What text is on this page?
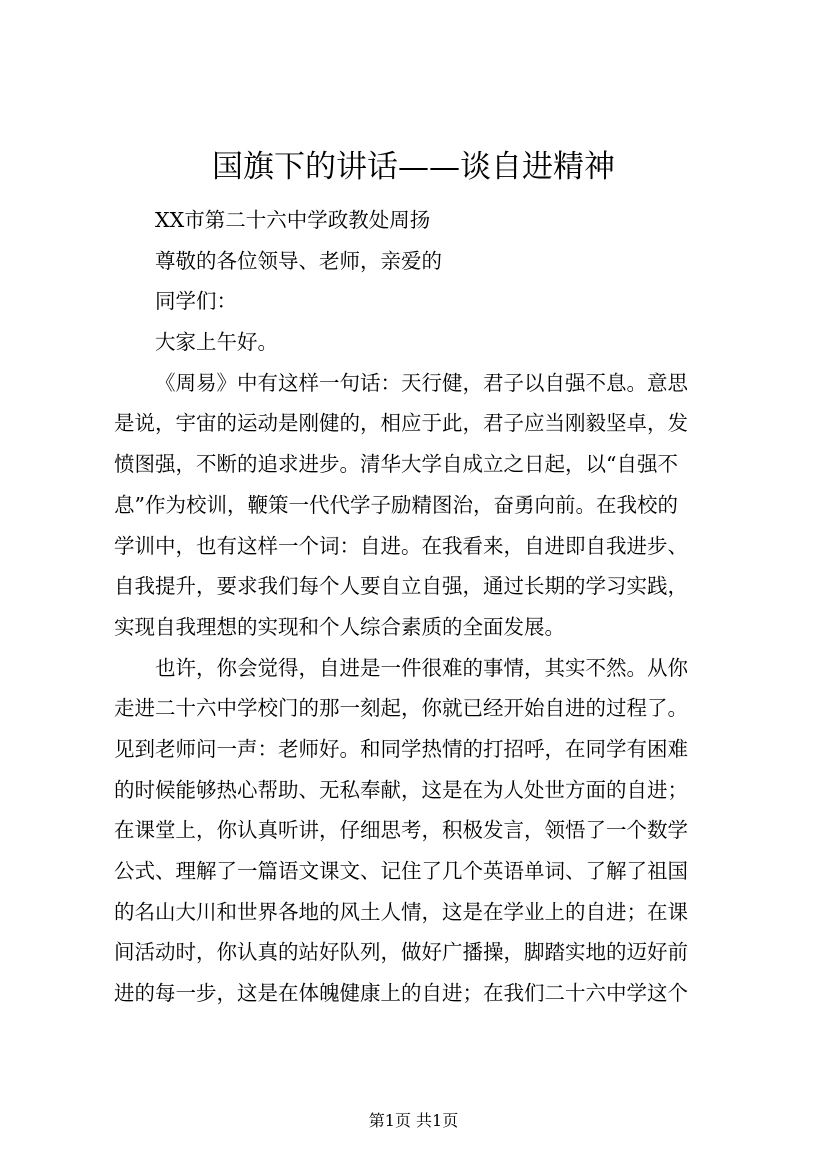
国旗下的讲话——谈自进精神
XX市第二十六中学政教处周扬
尊敬的各位领导、老师，亲爱的
同学们：
大家上午好。
《周易》中有这样一句话：天行健，君子以自强不息。意思
是说，宇宙的运动是刚健的，相应于此，君子应当刚毅坚卓，发
愤图强，不断的追求进步。清华大学自成立之日起，以“自强不
息”作为校训，鞭策一代代学子励精图治，奋勇向前。在我校的
学训中，也有这样一个词：自进。在我看来，自进即自我进步、
自我提升，要求我们每个人要自立自强，通过长期的学习实践，
实现自我理想的实现和个人综合素质的全面发展。
也许，你会觉得，自进是一件很难的事情，其实不然。从你
走进二十六中学校门的那一刻起，你就已经开始自进的过程了。
见到老师问一声：老师好。和同学热情的打招呼，在同学有困难
的时候能够热心帮助、无私奉献，这是在为人处世方面的自进；
在课堂上，你认真听讲，仔细思考，积极发言，领悟了一个数学
公式、理解了一篇语文课文、记住了几个英语单词、了解了祖国
的名山大川和世界各地的风土人情，这是在学业上的自进；在课
间活动时，你认真的站好队列，做好广播操，脚踏实地的迈好前
进的每一步，这是在体魄健康上的自进；在我们二十六中学这个
第1页 共1页
